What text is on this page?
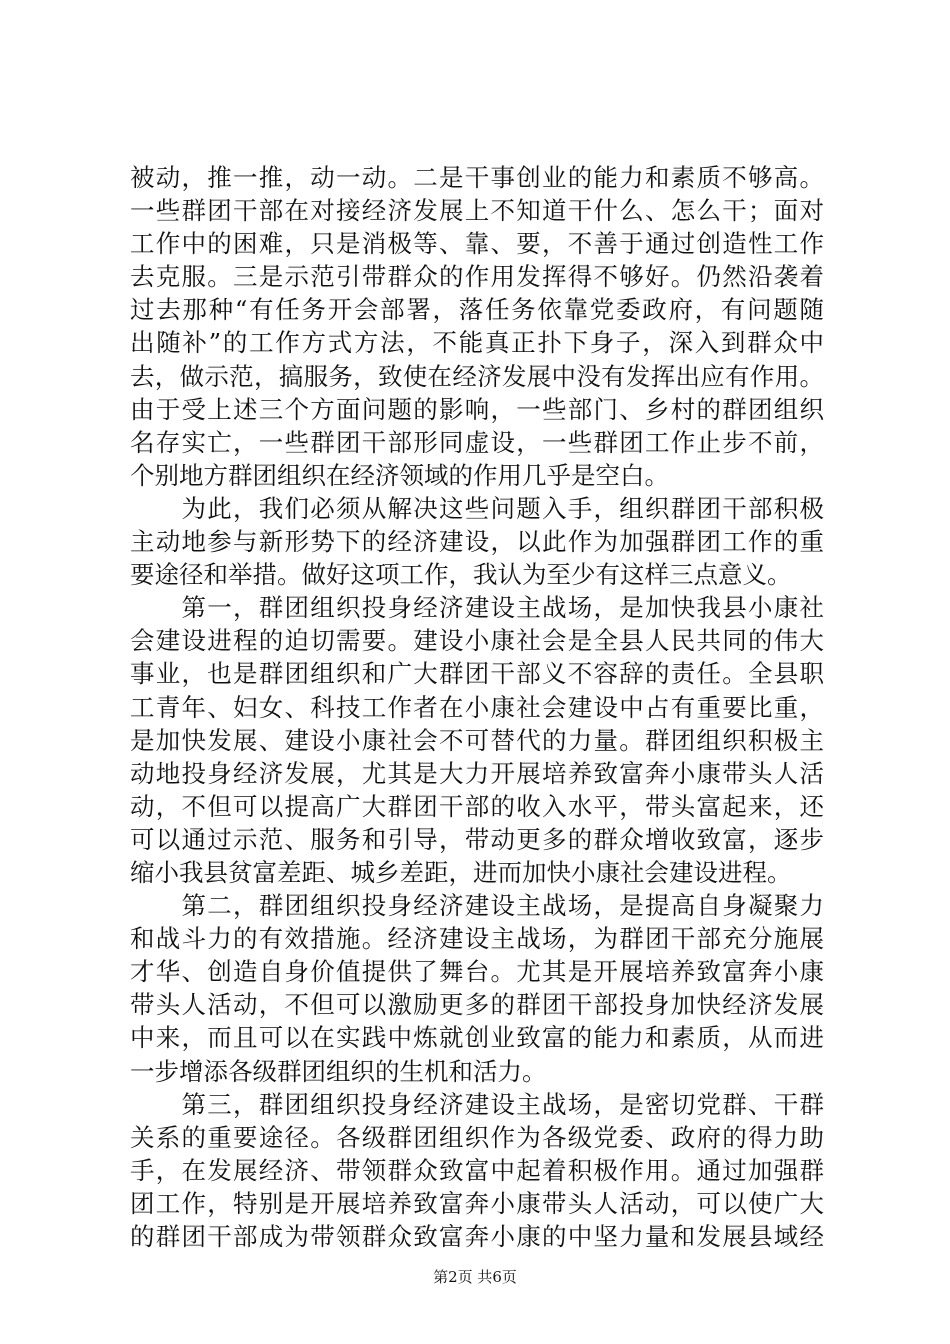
被动，推一推，动一动。二是干事创业的能力和素质不够高。
一些群团干部在对接经济发展上不知道干什么、怎么干；面对
工作中的困难，只是消极等、靠、要，不善于通过创造性工作
去克服。三是示范引带群众的作用发挥得不够好。仍然沿袭着
过去那种“有任务开会部署，落任务依靠党委政府，有问题随
出随补”的工作方式方法，不能真正扑下身子，深入到群众中
去，做示范，搞服务，致使在经济发展中没有发挥出应有作用。
由于受上述三个方面问题的影响，一些部门、乡村的群团组织
名存实亡，一些群团干部形同虚设，一些群团工作止步不前，
个别地方群团组织在经济领域的作用几乎是空白。
　　为此，我们必须从解决这些问题入手，组织群团干部积极
主动地参与新形势下的经济建设，以此作为加强群团工作的重
要途径和举措。做好这项工作，我认为至少有这样三点意义。
　　第一，群团组织投身经济建设主战场，是加快我县小康社
会建设进程的迫切需要。建设小康社会是全县人民共同的伟大
事业，也是群团组织和广大群团干部义不容辞的责任。全县职
工青年、妇女、科技工作者在小康社会建设中占有重要比重，
是加快发展、建设小康社会不可替代的力量。群团组织积极主
动地投身经济发展，尤其是大力开展培养致富奔小康带头人活
动，不但可以提高广大群团干部的收入水平，带头富起来，还
可以通过示范、服务和引导，带动更多的群众增收致富，逐步
缩小我县贫富差距、城乡差距，进而加快小康社会建设进程。
　　第二，群团组织投身经济建设主战场，是提高自身凝聚力
和战斗力的有效措施。经济建设主战场，为群团干部充分施展
才华、创造自身价值提供了舞台。尤其是开展培养致富奔小康
带头人活动，不但可以激励更多的群团干部投身加快经济发展
中来，而且可以在实践中炼就创业致富的能力和素质，从而进
一步增添各级群团组织的生机和活力。
　　第三，群团组织投身经济建设主战场，是密切党群、干群
关系的重要途径。各级群团组织作为各级党委、政府的得力助
手，在发展经济、带领群众致富中起着积极作用。通过加强群
团工作，特别是开展培养致富奔小康带头人活动，可以使广大
的群团干部成为带领群众致富奔小康的中坚力量和发展县域经
第2页 共6页
